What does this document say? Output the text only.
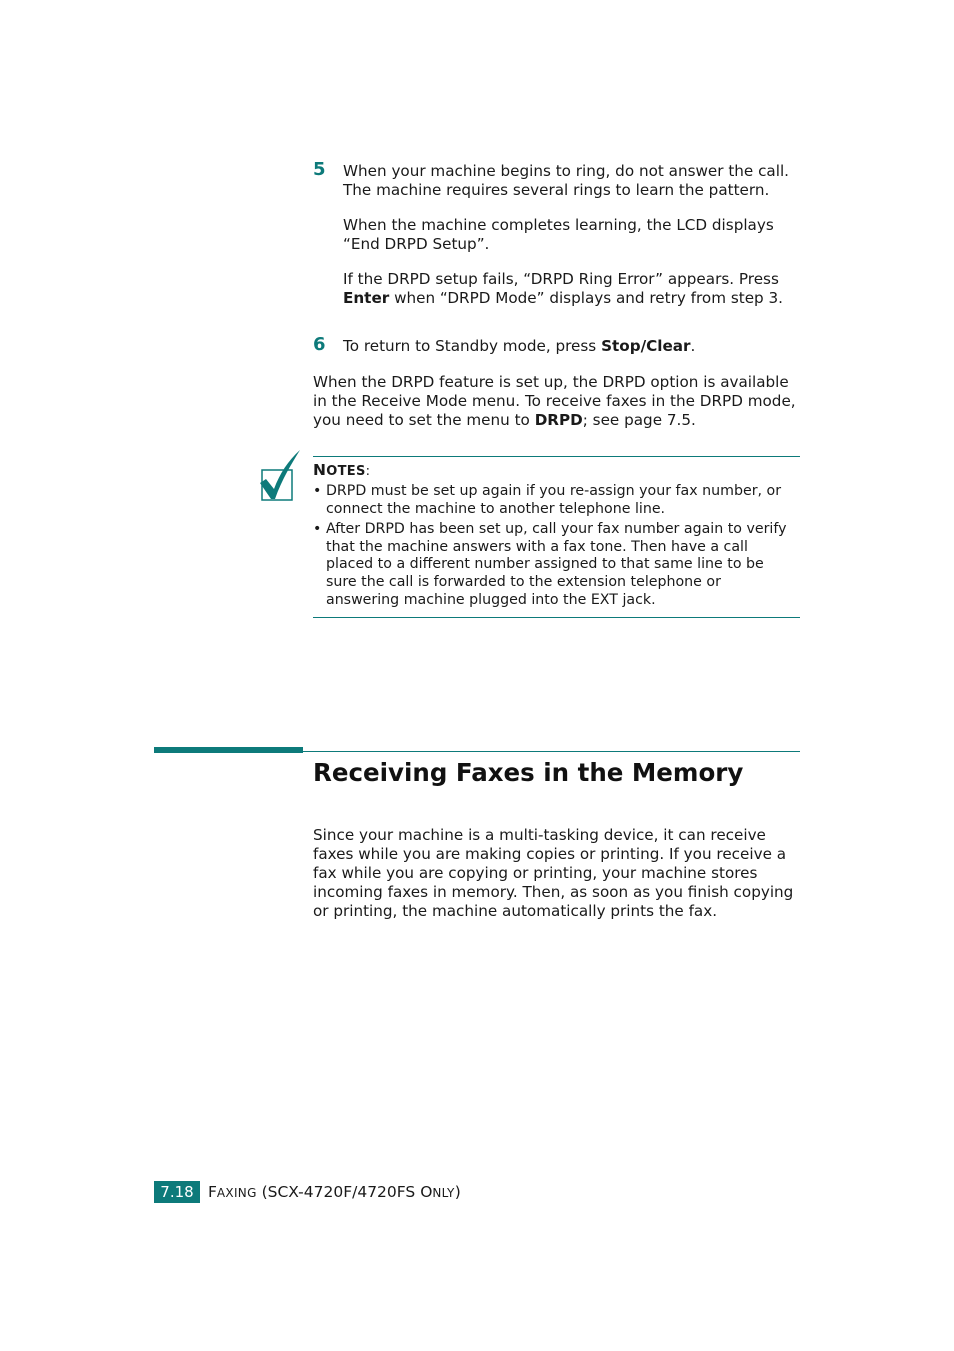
5 When your machine begins to ring, do not answer the call. The machine requires several rings to learn the pattern.

When the machine completes learning, the LCD displays “End DRPD Setup”.

If the DRPD setup fails, “DRPD Ring Error” appears. Press Enter when “DRPD Mode” displays and retry from step 3.

6 To return to Standby mode, press Stop/Clear.

When the DRPD feature is set up, the DRPD option is available in the Receive Mode menu. To receive faxes in the DRPD mode, you need to set the menu to DRPD; see page 7.5.

NOTES:
• DRPD must be set up again if you re-assign your fax number, or connect the machine to another telephone line.
• After DRPD has been set up, call your fax number again to verify that the machine answers with a fax tone. Then have a call placed to a different number assigned to that same line to be sure the call is forwarded to the extension telephone or answering machine plugged into the EXT jack.
Receiving Faxes in the Memory

Since your machine is a multi-tasking device, it can receive faxes while you are making copies or printing. If you receive a fax while you are copying or printing, your machine stores incoming faxes in memory. Then, as soon as you finish copying or printing, the machine automatically prints the fax.

7.18 FAXING (SCX-4720F/4720FS ONLY)
